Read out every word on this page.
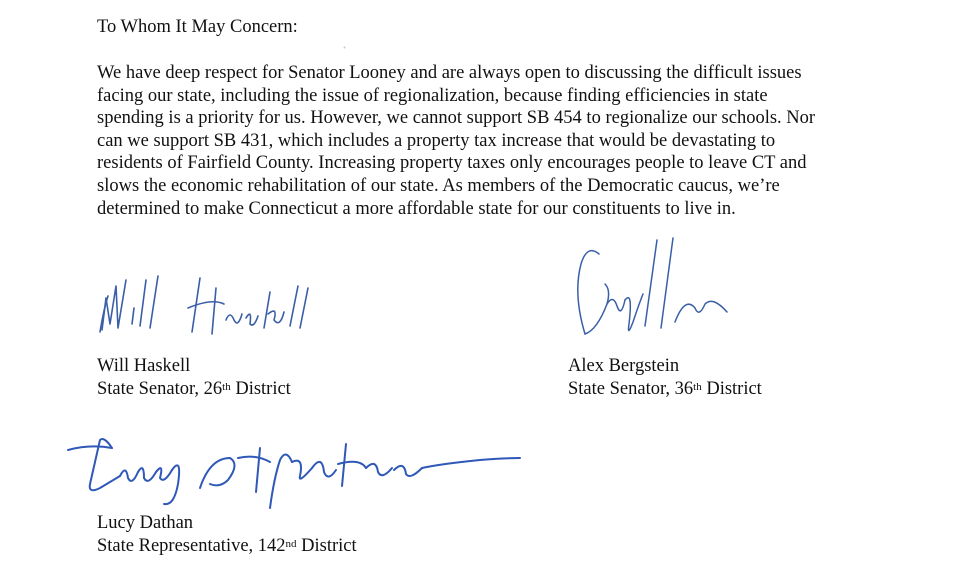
To Whom It May Concern:
We have deep respect for Senator Looney and are always open to discussing the difficult issues
facing our state, including the issue of regionalization, because finding efficiencies in state
spending is a priority for us. However, we cannot support SB 454 to regionalize our schools. Nor
can we support SB 431, which includes a property tax increase that would be devastating to
residents of Fairfield County. Increasing property taxes only encourages people to leave CT and
slows the economic rehabilitation of our state. As members of the Democratic caucus, we’re
determined to make Connecticut a more affordable state for our constituents to live in.
Will Haskell
State Senator, 26th District
Alex Bergstein
State Senator, 36th District
Lucy Dathan
State Representative, 142nd District
